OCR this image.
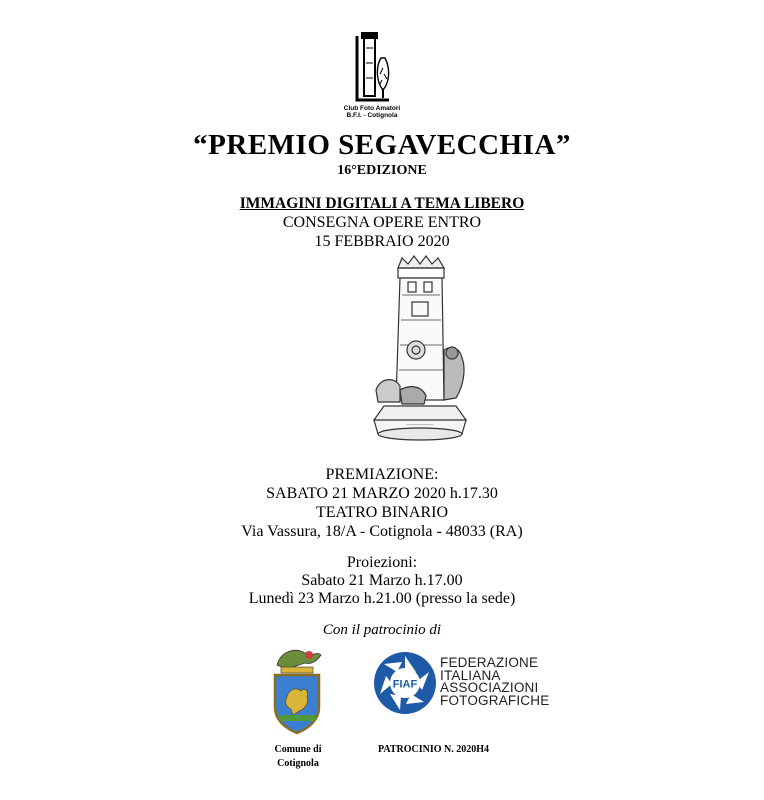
Club Foto Amatori
B.F.I. - Cotignola
“PREMIO SEGAVECCHIA”
16°EDIZIONE
IMMAGINI DIGITALI A TEMA LIBERO
CONSEGNA OPERE ENTRO
15 FEBBRAIO 2020
~~~~~~~~~~
PREMIAZIONE:
SABATO 21 MARZO 2020 h.17.30
TEATRO BINARIO
Via Vassura, 18/A - Cotignola - 48033 (RA)
Proiezioni:
Sabato 21 Marzo h.17.00
Lunedì 23 Marzo h.21.00 (presso la sede)
Con il patrocinio di
FIAF
FEDERAZIONE
ITALIANA
ASSOCIAZIONI
FOTOGRAFICHE
Comune di
Cotignola
PATROCINIO N. 2020H4
